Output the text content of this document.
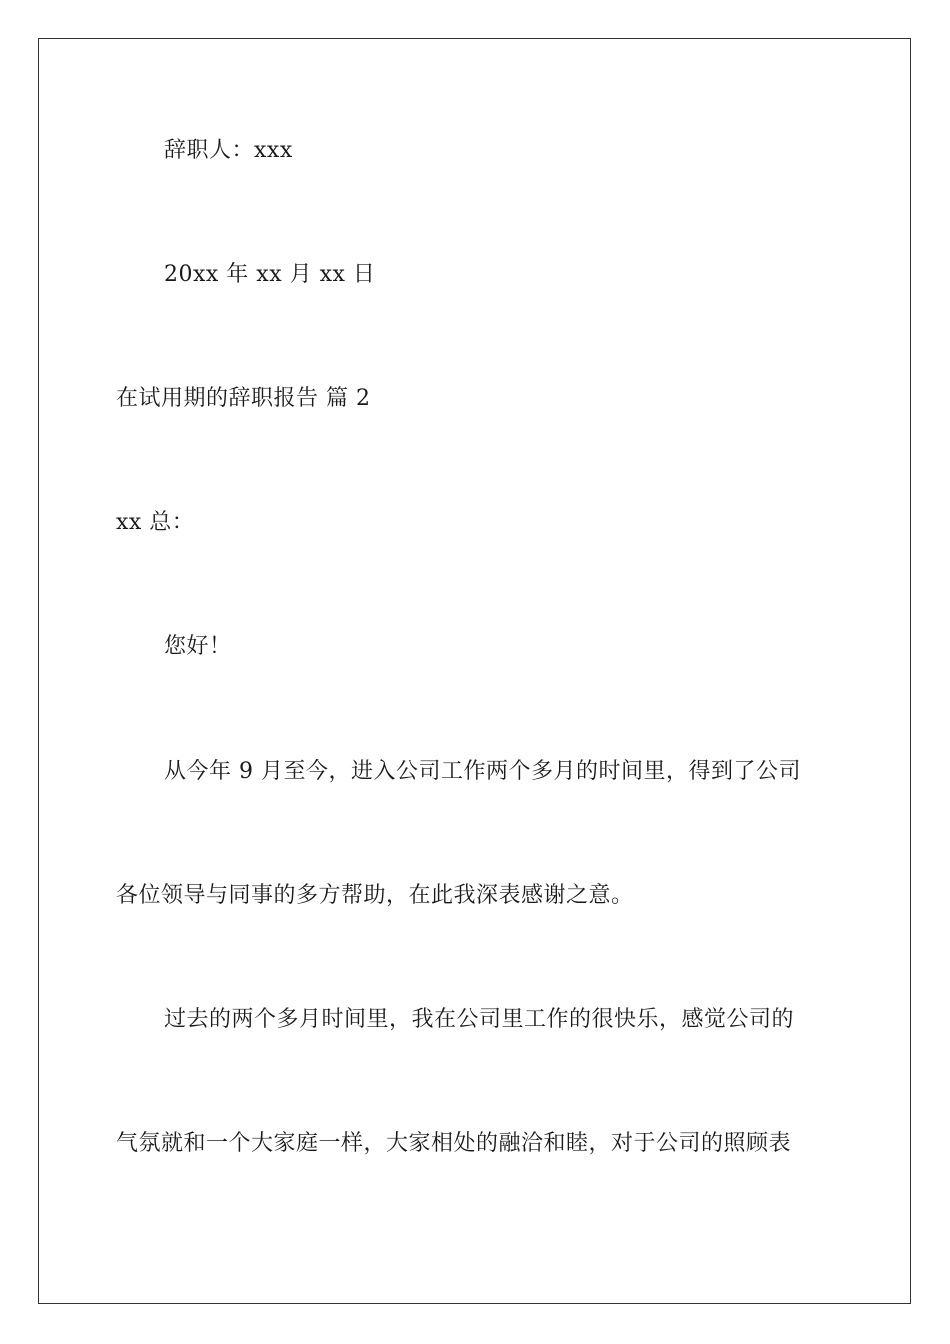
辞职人：xxx
20xx 年 xx 月 xx 日
在试用期的辞职报告 篇 2
xx 总：
您好！
从今年 9 月至今，进入公司工作两个多月的时间里，得到了公司
各位领导与同事的多方帮助，在此我深表感谢之意。
过去的两个多月时间里，我在公司里工作的很快乐，感觉公司的
气氛就和一个大家庭一样，大家相处的融洽和睦，对于公司的照顾表
